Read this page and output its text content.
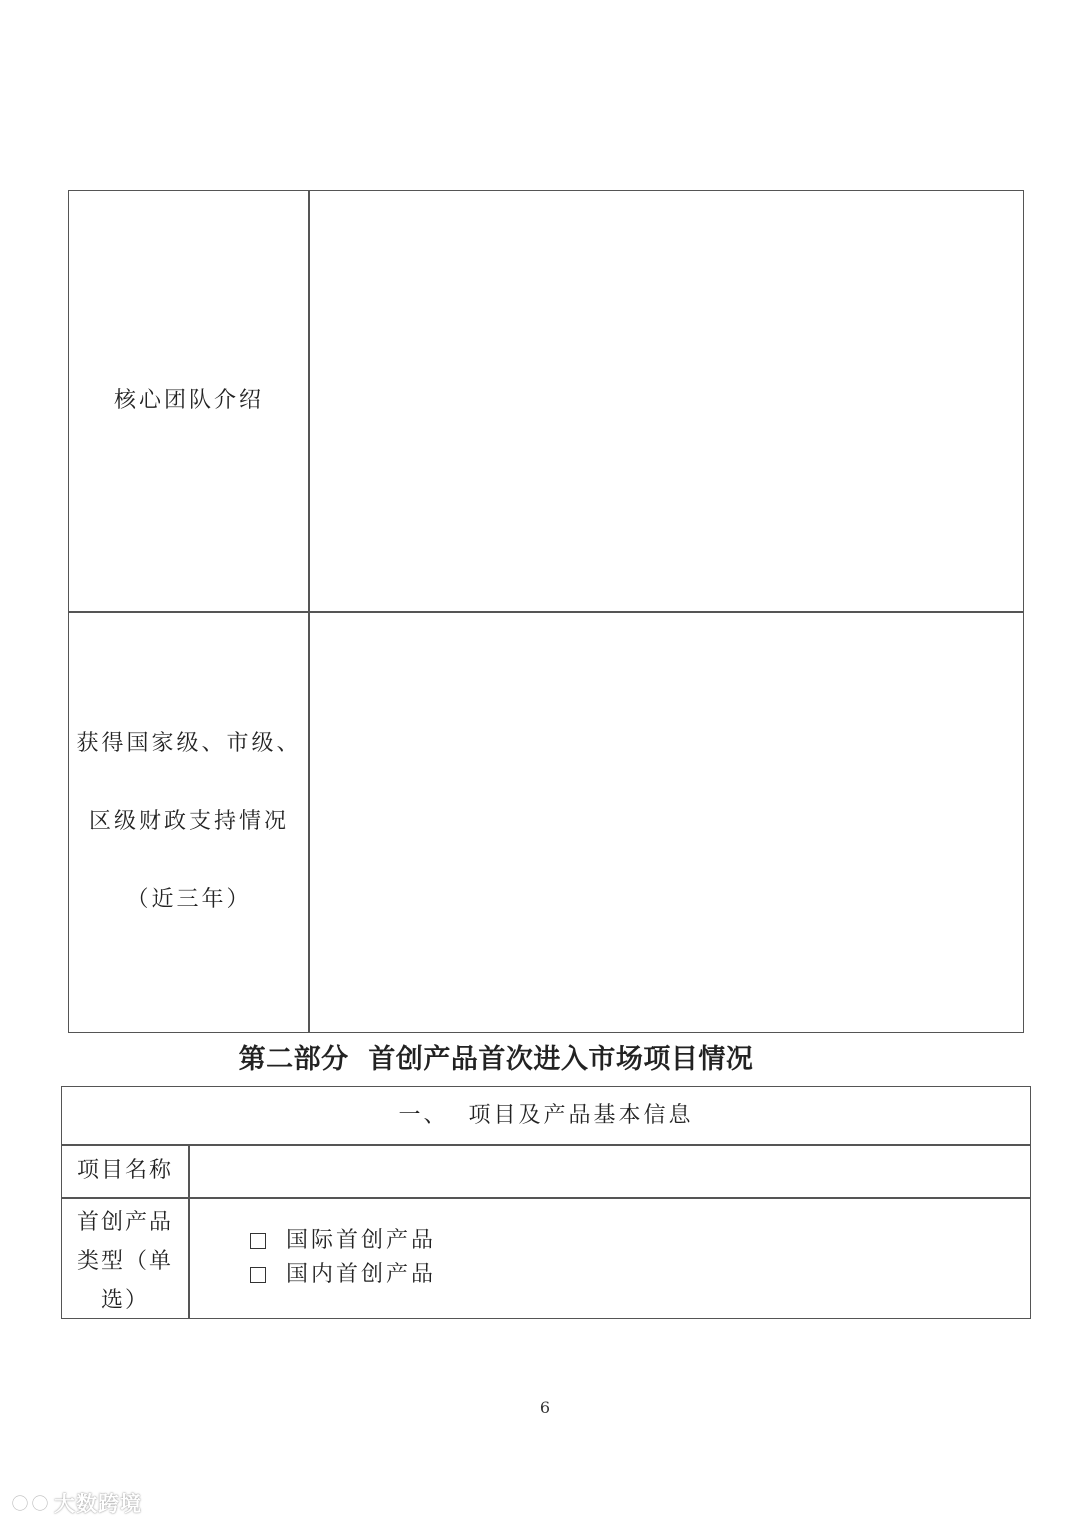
核心团队介绍
获得国家级、市级、
区级财政支持情况
（近三年）
第二部分  首创产品首次进入市场项目情况
一、  项目及产品基本信息
项目名称
首创产品
类型（单
选）
国际首创产品
国内首创产品
6
大数跨境
